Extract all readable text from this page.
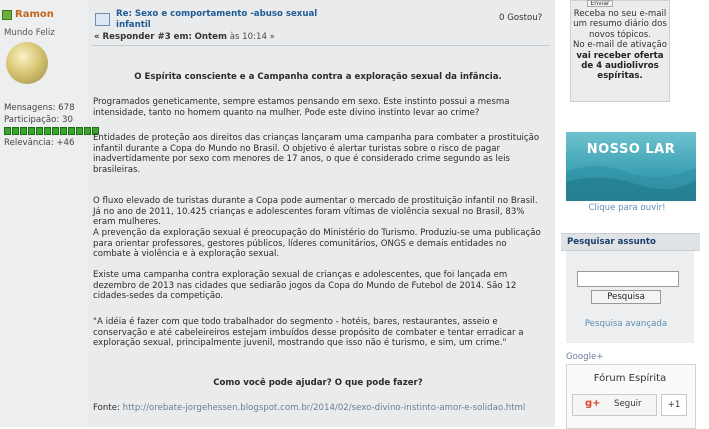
Ramon
Mundo Feliz
Mensagens: 678
Participação: 30
Relevância: +46
Re: Sexo e comportamento -abuso sexual infantil
« Responder #3 em: Ontem às 10:14 »
0 Gostou?
O Espírita consciente e a Campanha contra a exploração sexual da infância.

Programados geneticamente, sempre estamos pensando em sexo. Este instinto possui a mesma intensidade, tanto no homem quanto na mulher. Pode este divino instinto levar ao crime?

Entidades de proteção aos direitos das crianças lançaram uma campanha para combater a prostituição infantil durante a Copa do Mundo no Brasil. O objetivo é alertar turistas sobre o risco de pagar inadvertidamente por sexo com menores de 17 anos, o que é considerado crime segundo as leis brasileiras.

O fluxo elevado de turistas durante a Copa pode aumentar o mercado de prostituição infantil no Brasil. Já no ano de 2011, 10.425 crianças e adolescentes foram vítimas de violência sexual no Brasil, 83% eram mulheres.

A prevenção da exploração sexual é preocupação do Ministério do Turismo. Produziu-se uma publicação para orientar professores, gestores públicos, líderes comunitários, ONGS e demais entidades no combate à violência e à exploração sexual.

Existe uma campanha contra exploração sexual de crianças e adolescentes, que foi lançada em dezembro de 2013 nas cidades que sediarão jogos da Copa do Mundo de Futebol de 2014. São 12 cidades-sedes da competição.

"A idéia é fazer com que todo trabalhador do segmento - hotéis, bares, restaurantes, asseio e conservação e até cabeleireiros estejam imbuídos desse propósito de combater e tentar erradicar a exploração sexual, principalmente juvenil, mostrando que isso não é turismo, e sim, um crime."

Como você pode ajudar? O que pode fazer?
Fonte: http://orebate-jorgehessen.blogspot.com.br/2014/02/sexo-divino-instinto-amor-e-solidao.html
Enviar
Receba no seu e-mail um resumo diário dos novos tópicos.
No e-mail de ativação
vai receber oferta de 4 audiolivros espíritas.
NOSSO LAR
Clique para ouvir!
Pesquisar assunto
Pesquisa
Pesquisa avançada
Google+
Fórum Espírita
g+ Seguir	+1
